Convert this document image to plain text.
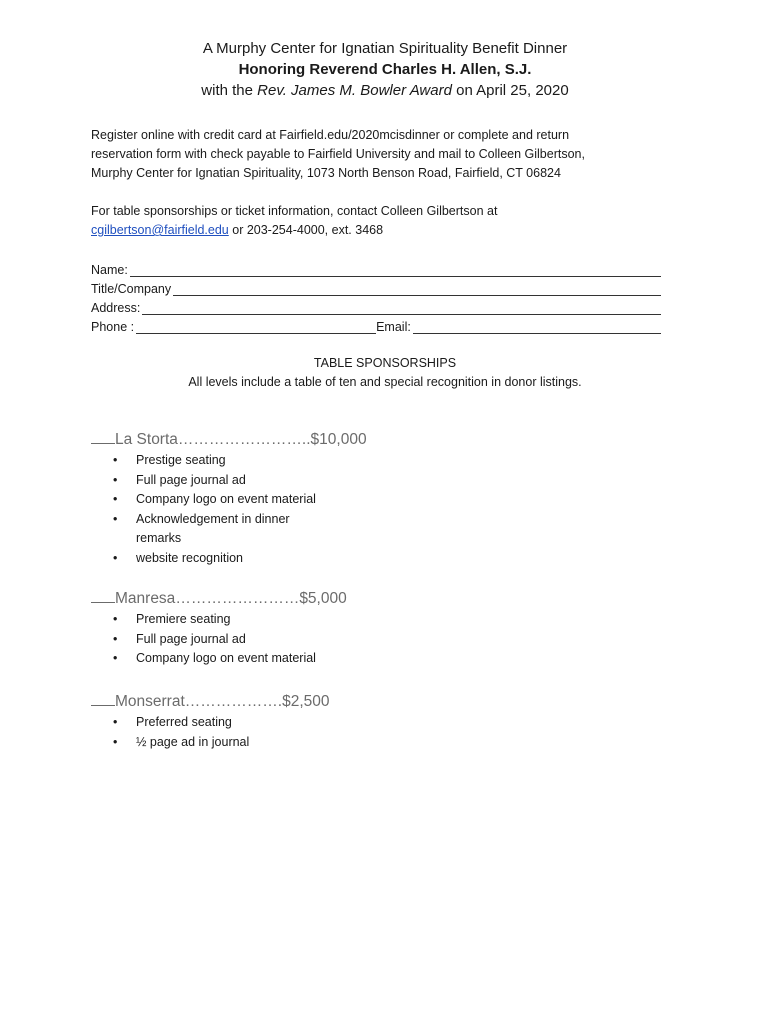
A Murphy Center for Ignatian Spirituality Benefit Dinner
Honoring Reverend Charles H. Allen, S.J.
with the Rev. James M. Bowler Award on April 25, 2020
Register online with credit card at Fairfield.edu/2020mcisdinner or complete and return
reservation form with check payable to Fairfield University and mail to Colleen Gilbertson,
Murphy Center for Ignatian Spirituality, 1073 North Benson Road, Fairfield, CT 06824
For table sponsorships or ticket information, contact Colleen Gilbertson at
cgilbertson@fairfield.edu or 203-254-4000, ext. 3468
Name:
Title/Company
Address:
Phone :	Email:
TABLE SPONSORSHIPS
All levels include a table of ten and special recognition in donor listings.
La Storta……………………..$10,000
• Prestige seating
• Full page journal ad
• Company logo on event material
• Acknowledgement in dinner remarks
• website recognition
Manresa……………………$5,000
• Premiere seating
• Full page journal ad
• Company logo on event material
Monserrat……………….$2,500
• Preferred seating
• ½ page ad in journal
